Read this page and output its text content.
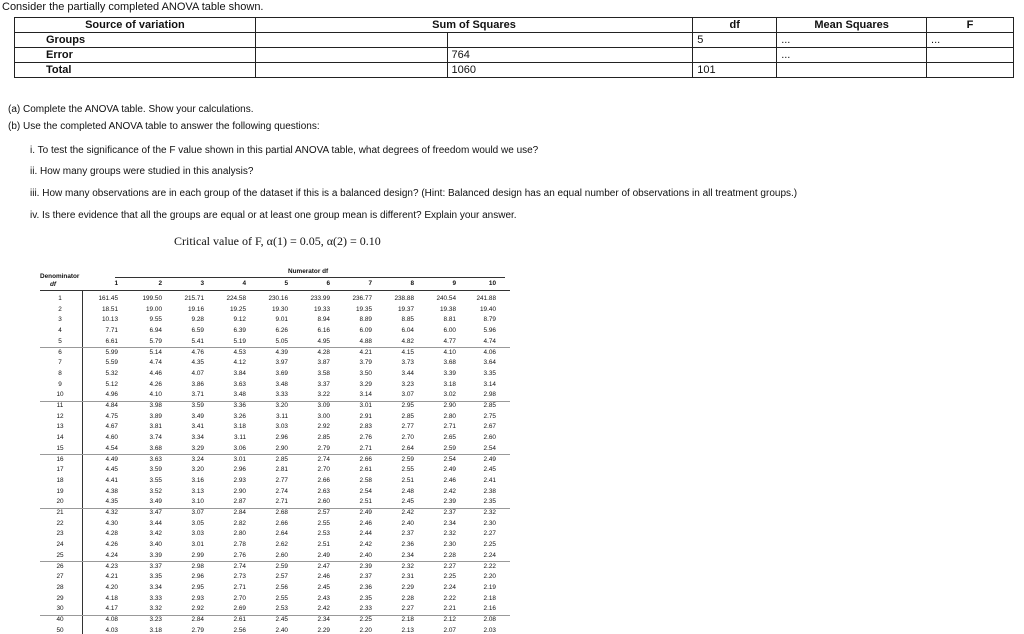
Consider the partially completed ANOVA table shown.
Source of variation	Sum of Squares		df	Mean Squares	F
Groups			5	...	...
Error		764		...	
Total		1060	101		
(a) Complete the ANOVA table. Show your calculations.
(b) Use the completed ANOVA table to answer the following questions:
i. To test the significance of the F value shown in this partial ANOVA table, what degrees of freedom would we use?
ii. How many groups were studied in this analysis?
iii. How many observations are in each group of the dataset if this is a balanced design? (Hint: Balanced design has an equal number of observations in all treatment groups.)
iv. Is there evidence that all the groups are equal or at least one group mean is different? Explain your answer.
Critical value of F, α(1) = 0.05, α(2) = 0.10
Denominator
df
Numerator df
1	2	3	4	5	6	7	8	9	10
1	161.45	199.50	215.71	224.58	230.16	233.99	236.77	238.88	240.54	241.88
2	18.51	19.00	19.16	19.25	19.30	19.33	19.35	19.37	19.38	19.40
3	10.13	9.55	9.28	9.12	9.01	8.94	8.89	8.85	8.81	8.79
4	7.71	6.94	6.59	6.39	6.26	6.16	6.09	6.04	6.00	5.96
5	6.61	5.79	5.41	5.19	5.05	4.95	4.88	4.82	4.77	4.74
6	5.99	5.14	4.76	4.53	4.39	4.28	4.21	4.15	4.10	4.06
7	5.59	4.74	4.35	4.12	3.97	3.87	3.79	3.73	3.68	3.64
8	5.32	4.46	4.07	3.84	3.69	3.58	3.50	3.44	3.39	3.35
9	5.12	4.26	3.86	3.63	3.48	3.37	3.29	3.23	3.18	3.14
10	4.96	4.10	3.71	3.48	3.33	3.22	3.14	3.07	3.02	2.98
11	4.84	3.98	3.59	3.36	3.20	3.09	3.01	2.95	2.90	2.85
12	4.75	3.89	3.49	3.26	3.11	3.00	2.91	2.85	2.80	2.75
13	4.67	3.81	3.41	3.18	3.03	2.92	2.83	2.77	2.71	2.67
14	4.60	3.74	3.34	3.11	2.96	2.85	2.76	2.70	2.65	2.60
15	4.54	3.68	3.29	3.06	2.90	2.79	2.71	2.64	2.59	2.54
16	4.49	3.63	3.24	3.01	2.85	2.74	2.66	2.59	2.54	2.49
17	4.45	3.59	3.20	2.96	2.81	2.70	2.61	2.55	2.49	2.45
18	4.41	3.55	3.16	2.93	2.77	2.66	2.58	2.51	2.46	2.41
19	4.38	3.52	3.13	2.90	2.74	2.63	2.54	2.48	2.42	2.38
20	4.35	3.49	3.10	2.87	2.71	2.60	2.51	2.45	2.39	2.35
21	4.32	3.47	3.07	2.84	2.68	2.57	2.49	2.42	2.37	2.32
22	4.30	3.44	3.05	2.82	2.66	2.55	2.46	2.40	2.34	2.30
23	4.28	3.42	3.03	2.80	2.64	2.53	2.44	2.37	2.32	2.27
24	4.26	3.40	3.01	2.78	2.62	2.51	2.42	2.36	2.30	2.25
25	4.24	3.39	2.99	2.76	2.60	2.49	2.40	2.34	2.28	2.24
26	4.23	3.37	2.98	2.74	2.59	2.47	2.39	2.32	2.27	2.22
27	4.21	3.35	2.96	2.73	2.57	2.46	2.37	2.31	2.25	2.20
28	4.20	3.34	2.95	2.71	2.56	2.45	2.36	2.29	2.24	2.19
29	4.18	3.33	2.93	2.70	2.55	2.43	2.35	2.28	2.22	2.18
30	4.17	3.32	2.92	2.69	2.53	2.42	2.33	2.27	2.21	2.16
40	4.08	3.23	2.84	2.61	2.45	2.34	2.25	2.18	2.12	2.08
50	4.03	3.18	2.79	2.56	2.40	2.29	2.20	2.13	2.07	2.03
